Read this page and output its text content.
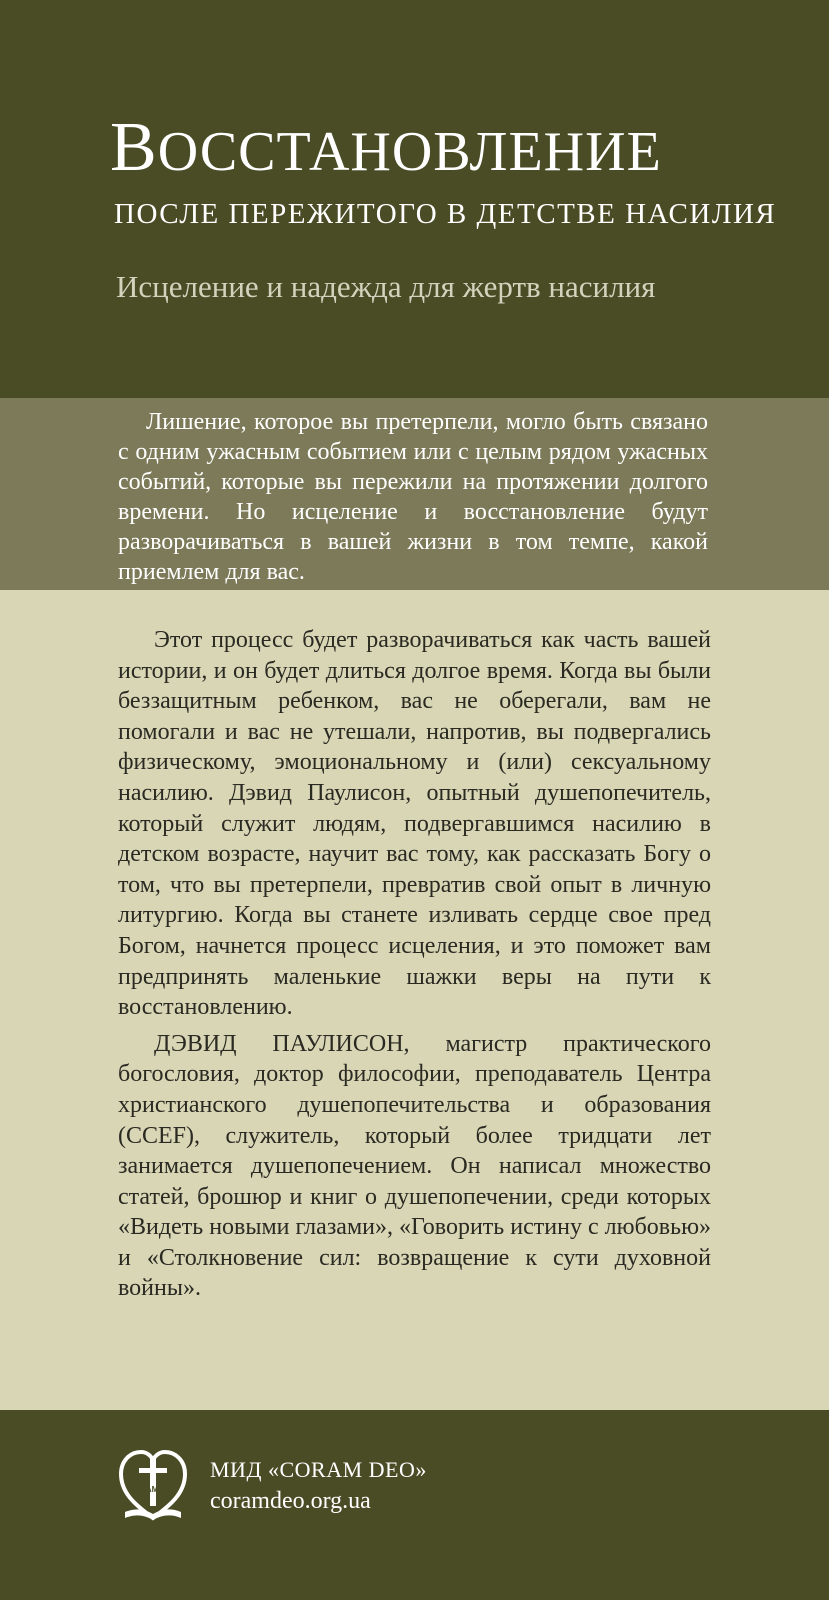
ВОССТАНОВЛЕНИЕ
ПОСЛЕ ПЕРЕЖИТОГО В ДЕТСТВЕ НАСИЛИЯ
Исцеление и надежда для жертв насилия
Лишение, которое вы претерпели, могло быть связано с одним ужасным событием или с целым рядом ужасных событий, которые вы пережили на протяжении долгого времени. Но исцеление и восстановление будут разворачиваться в вашей жизни в том темпе, какой приемлем для вас.

Этот процесс будет разворачиваться как часть вашей истории, и он будет длиться долгое время. Когда вы были беззащитным ребенком, вас не оберегали, вам не помогали и вас не утешали, напротив, вы подвергались физическому, эмоциональному и (или) сексуальному насилию. Дэвид Паулисон, опытный душепопечитель, который служит людям, подвергавшимся насилию в детском возрасте, научит вас тому, как рассказать Богу о том, что вы претерпели, превратив свой опыт в личную литургию. Когда вы станете изливать сердце свое пред Богом, начнется процесс исцеления, и это поможет вам предпринять маленькие шажки веры на пути к восстановлению.

ДЭВИД ПАУЛИСОН, магистр практического богословия, доктор философии, преподаватель Центра христианского душепопечительства и образования (CCEF), служитель, который более тридцати лет занимается душепопечением. Он написал множество статей, брошюр и книг о душепопечении, среди которых «Видеть новыми глазами», «Говорить истину с любовью» и «Столкновение сил: возвращение к сути духовной войны».

CORAM DEO
МИД «CORAM DEO»
coramdeo.org.ua
